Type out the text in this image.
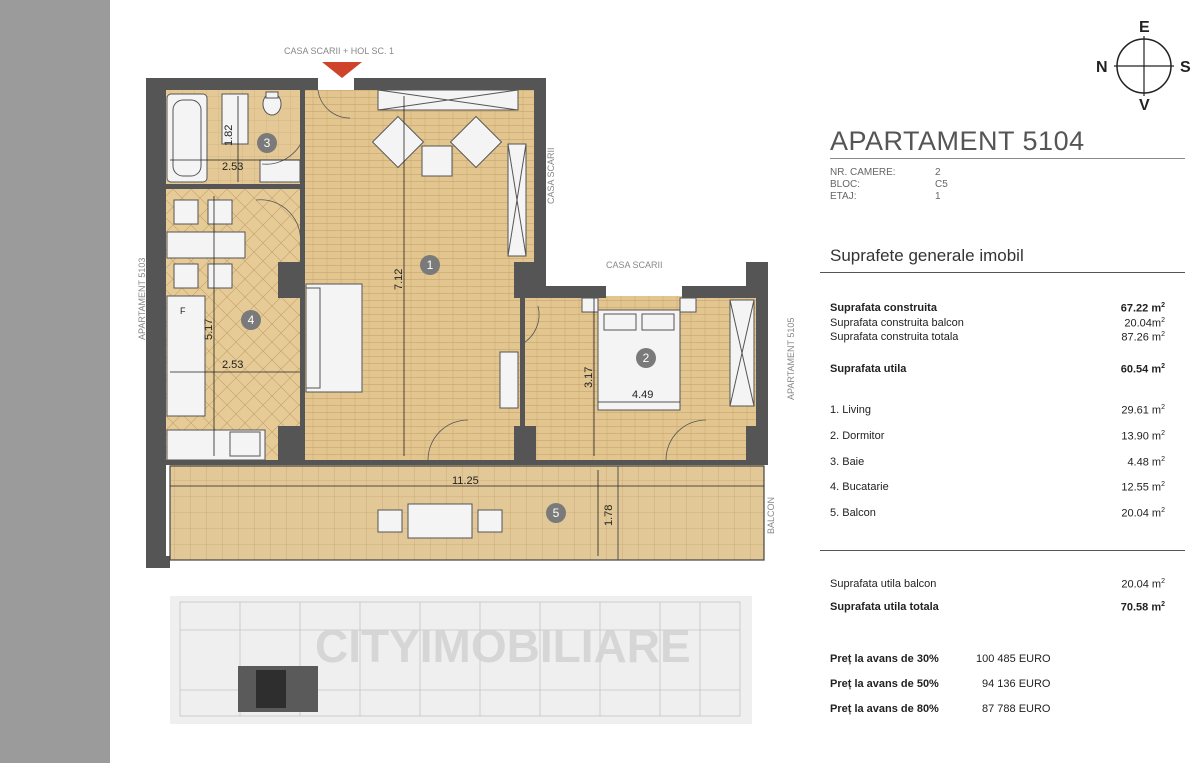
2.53
1.82
2.53
5.17
7.12
3.17
4.49
11.25
1.78
F
1
2
3
4
5
CASA SCARII + HOL SC. 1
CASA SCARII
CASA SCARII
APARTAMENT 5103
APARTAMENT 5105
BALCON
CITYIMOBILIARE
E
N	S
V
APARTAMENT 5104
NR. CAMERE:	2
BLOC:	C5
ETAJ:	1
Suprafete generale imobil
Suprafata construita	67.22 $m^2$
Suprafata construita balcon	$20.04m^2$
Suprafata construita totala	87.26 $m^2$
Suprafata utila	60.54 $m^2$
1. Living	29.61 $m^2$
2. Dormitor	13.90 $m^2$
3. Baie	4.48 $m^2$
4. Bucatarie	12.55 $m^2$
5. Balcon	20.04 $m^2$
Suprafata utila balcon	20.04 $m^2$
Suprafata utila totala	70.58 $m^2$
Preț la avans de 30%	100 485 EURO
Preț la avans de 50%	94 136 EURO
Preț la avans de 80%	87 788 EURO
